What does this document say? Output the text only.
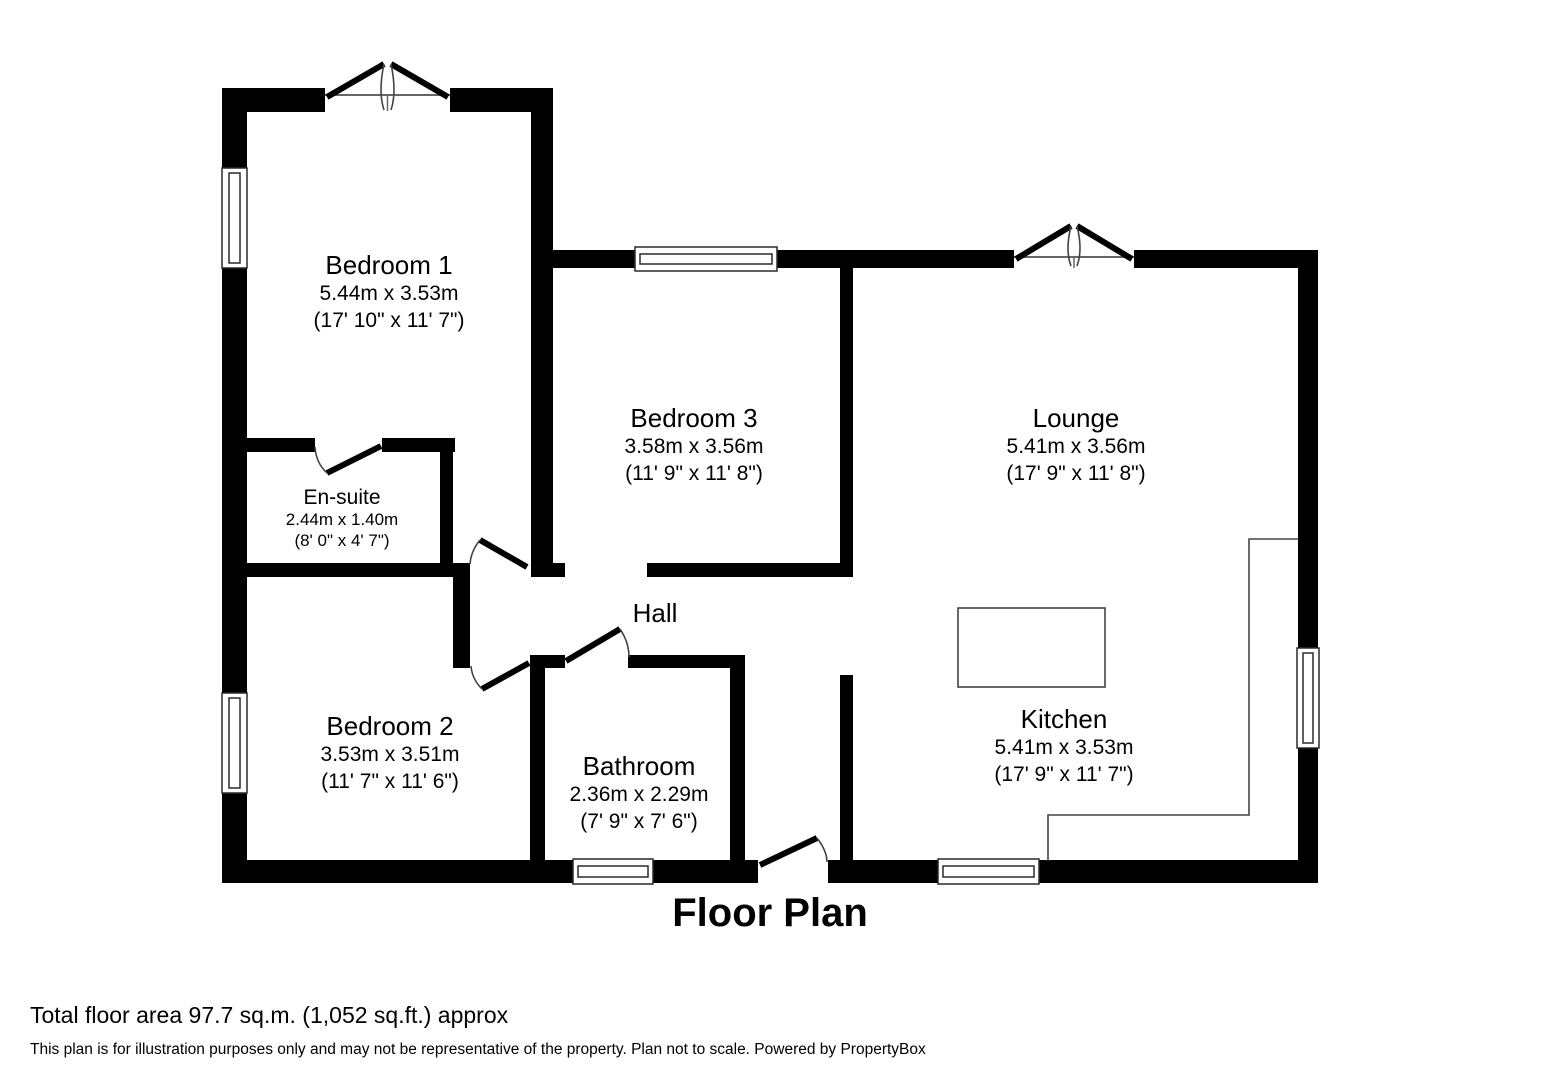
Bedroom 1
5.44m x 3.53m
(17' 10" x 11' 7")
En-suite
2.44m x 1.40m
(8' 0" x 4' 7")
Bedroom 3
3.58m x 3.56m
(11' 9" x 11' 8")
Lounge
5.41m x 3.56m
(17' 9" x 11' 8")
Hall
Bedroom 2
3.53m x 3.51m
(11' 7" x 11' 6")
Bathroom
2.36m x 2.29m
(7' 9" x 7' 6")
Kitchen
5.41m x 3.53m
(17' 9" x 11' 7")
Floor Plan
Total floor area 97.7 sq.m. (1,052 sq.ft.) approx
This plan is for illustration purposes only and may not be representative of the property. Plan not to scale. Powered by PropertyBox
